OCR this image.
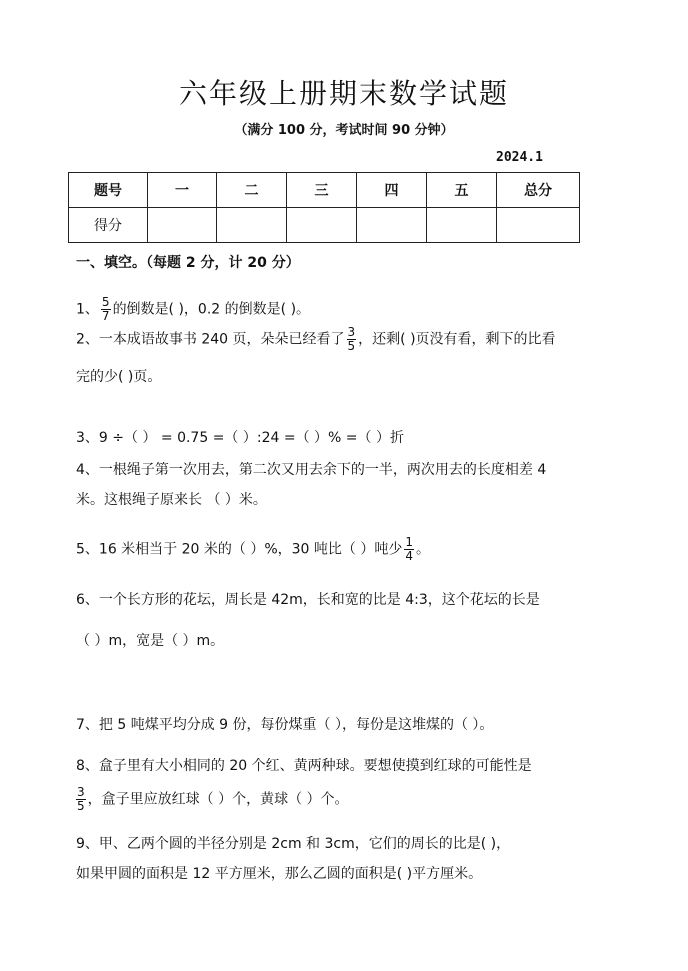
六年级上册期末数学试题
（满分 100 分，考试时间 90 分钟）
2024.1
题号	一	二	三	四	五	总分
得分						
一、填空。（每题 2 分，计 20 分）
1、 $\frac{5}{7}$ 的倒数是( )，0.2 的倒数是( )。
2、一本成语故事书 240 页，朵朵已经看了 $\frac{3}{5}$ ，还剩( )页没有看，剩下的比看
完的少( )页。
3、9 ÷（ ） = 0.75 =（ ）:24 =（ ）% =（ ）折
4、一根绳子第一次用去，第二次又用去余下的一半，两次用去的长度相差 4
米。这根绳子原来长 （ ）米。
5、16 米相当于 20 米的（ ）%，30 吨比（ ）吨少 $\frac{1}{4}$ 。
6、一个长方形的花坛，周长是 42m，长和宽的比是 4:3，这个花坛的长是
（ ）m，宽是（ ）m。
7、把 5 吨煤平均分成 9 份，每份煤重（ ），每份是这堆煤的（ ）。
8、盒子里有大小相同的 20 个红、黄两种球。要想使摸到红球的可能性是
$\frac{3}{5}$ ，盒子里应放红球（ ）个，黄球（ ）个。
9、甲、乙两个圆的半径分别是 2cm 和 3cm，它们的周长的比是( )，
如果甲圆的面积是 12 平方厘米，那么乙圆的面积是( )平方厘米。
